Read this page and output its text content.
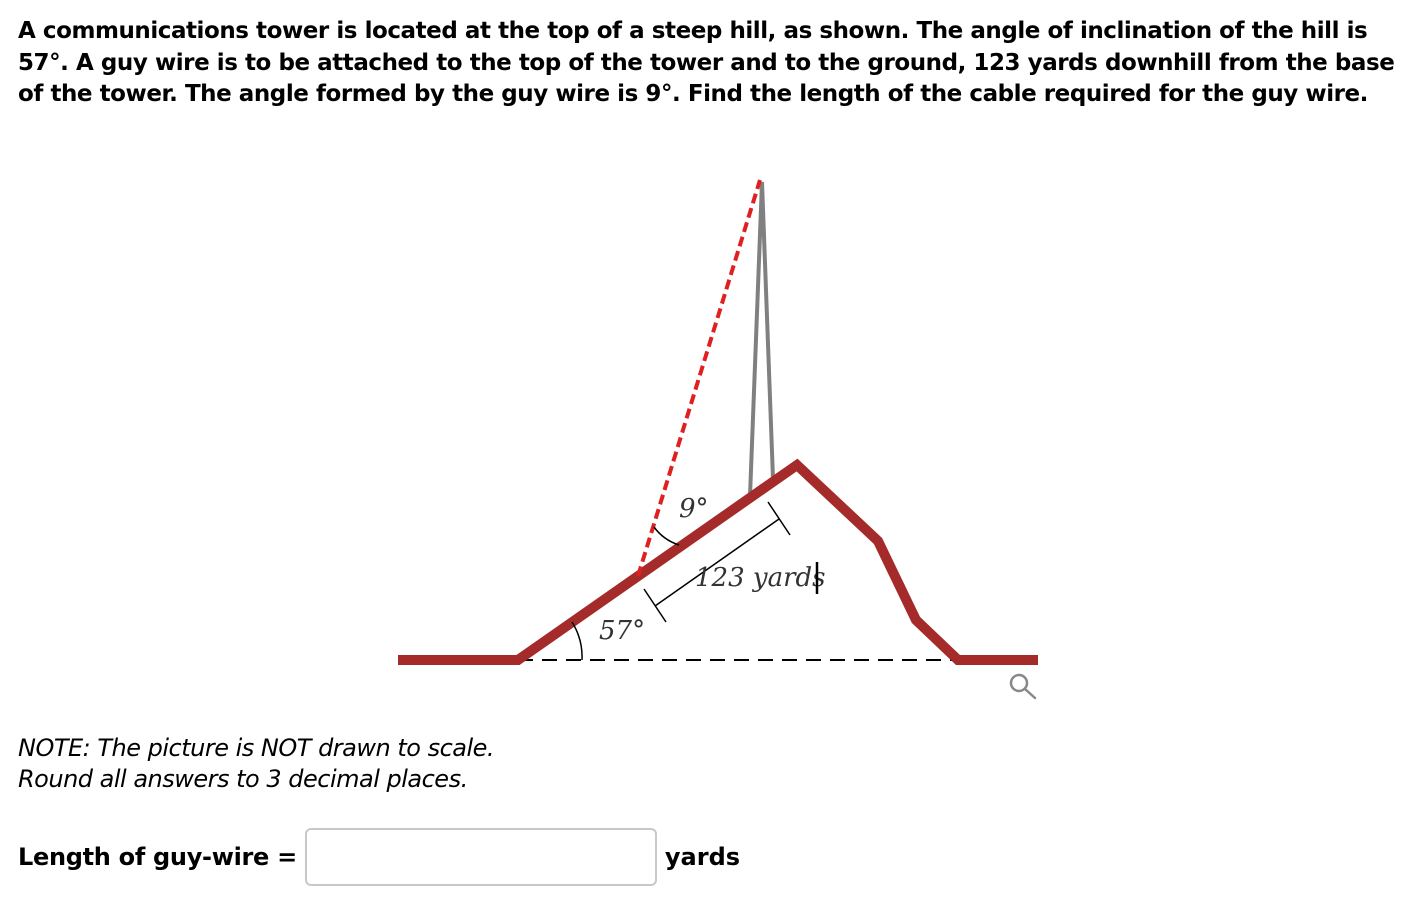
A communications tower is located at the top of a steep hill, as shown. The angle of inclination of the hill is 57°. A guy wire is to be attached to the top of the tower and to the ground, 123 yards downhill from the base of the tower. The angle formed by the guy wire is 9°. Find the length of the cable required for the guy wire.

9°
57°
123 yards
NOTE: The picture is NOT drawn to scale.
Round all answers to 3 decimal places.
Length of guy-wire =	yards
